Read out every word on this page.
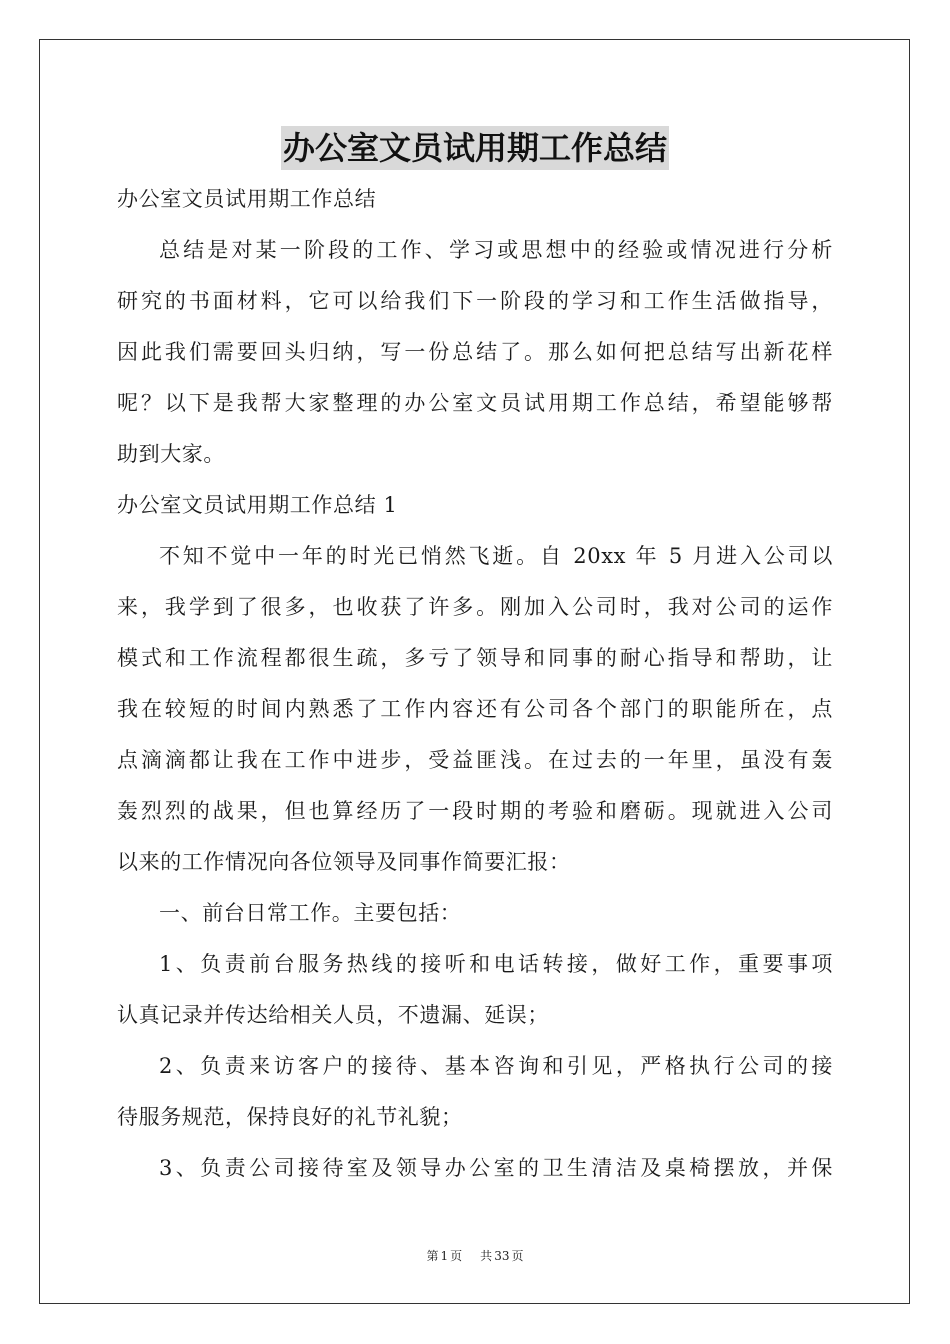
办公室文员试用期工作总结
办公室文员试用期工作总结
总结是对某一阶段的工作、学习或思想中的经验或情况进行分析
研究的书面材料，它可以给我们下一阶段的学习和工作生活做指导，
因此我们需要回头归纳，写一份总结了。那么如何把总结写出新花样
呢？以下是我帮大家整理的办公室文员试用期工作总结，希望能够帮
助到大家。
办公室文员试用期工作总结 1
不知不觉中一年的时光已悄然飞逝。自 20xx 年 5 月进入公司以
来，我学到了很多，也收获了许多。刚加入公司时，我对公司的运作
模式和工作流程都很生疏，多亏了领导和同事的耐心指导和帮助，让
我在较短的时间内熟悉了工作内容还有公司各个部门的职能所在，点
点滴滴都让我在工作中进步，受益匪浅。在过去的一年里，虽没有轰
轰烈烈的战果，但也算经历了一段时期的考验和磨砺。现就进入公司
以来的工作情况向各位领导及同事作简要汇报：
一、前台日常工作。主要包括：
1、负责前台服务热线的接听和电话转接，做好工作，重要事项
认真记录并传达给相关人员，不遗漏、延误；
2、负责来访客户的接待、基本咨询和引见，严格执行公司的接
待服务规范，保持良好的礼节礼貌；
3、负责公司接待室及领导办公室的卫生清洁及桌椅摆放，并保
第 1 页 共 33 页
